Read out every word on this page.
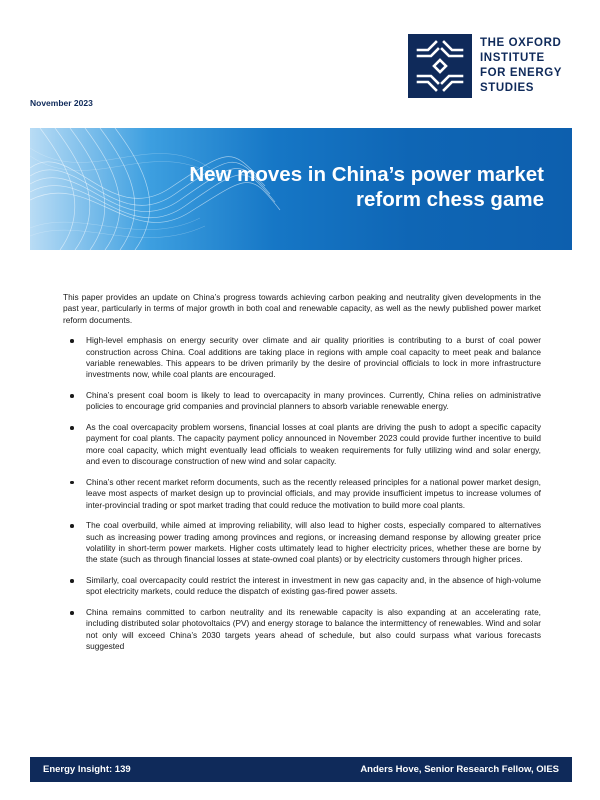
November 2023
THE OXFORD
INSTITUTE
FOR ENERGY
STUDIES
New moves in China’s power market reform chess game

This paper provides an update on China’s progress towards achieving carbon peaking and neutrality given developments in the past year, particularly in terms of major growth in both coal and renewable capacity, as well as the newly published power market reform documents.

High-level emphasis on energy security over climate and air quality priorities is contributing to a burst of coal power construction across China. Coal additions are taking place in regions with ample coal capacity to meet peak and balance variable renewables. This appears to be driven primarily by the desire of provincial officials to lock in more infrastructure investments now, while coal plants are encouraged.
China’s present coal boom is likely to lead to overcapacity in many provinces. Currently, China relies on administrative policies to encourage grid companies and provincial planners to absorb variable renewable energy.
As the coal overcapacity problem worsens, financial losses at coal plants are driving the push to adopt a specific capacity payment for coal plants. The capacity payment policy announced in November 2023 could provide further incentive to build more coal capacity, which might eventually lead officials to weaken requirements for fully utilizing wind and solar energy, and even to discourage construction of new wind and solar capacity.
China’s other recent market reform documents, such as the recently released principles for a national power market design, leave most aspects of market design up to provincial officials, and may provide insufficient impetus to increase volumes of inter-provincial trading or spot market trading that could reduce the motivation to build more coal plants.
The coal overbuild, while aimed at improving reliability, will also lead to higher costs, especially compared to alternatives such as increasing power trading among provinces and regions, or increasing demand response by allowing greater price volatility in short-term power markets. Higher costs ultimately lead to higher electricity prices, whether these are borne by the state (such as through financial losses at state-owned coal plants) or by electricity customers through higher prices.
Similarly, coal overcapacity could restrict the interest in investment in new gas capacity and, in the absence of high-volume spot electricity markets, could reduce the dispatch of existing gas-fired power assets.
China remains committed to carbon neutrality and its renewable capacity is also expanding at an accelerating rate, including distributed solar photovoltaics (PV) and energy storage to balance the intermittency of renewables. Wind and solar not only will exceed China’s 2030 targets years ahead of schedule, but also could surpass what various forecasts suggested
Energy Insight: 139	Anders Hove, Senior Research Fellow, OIES
